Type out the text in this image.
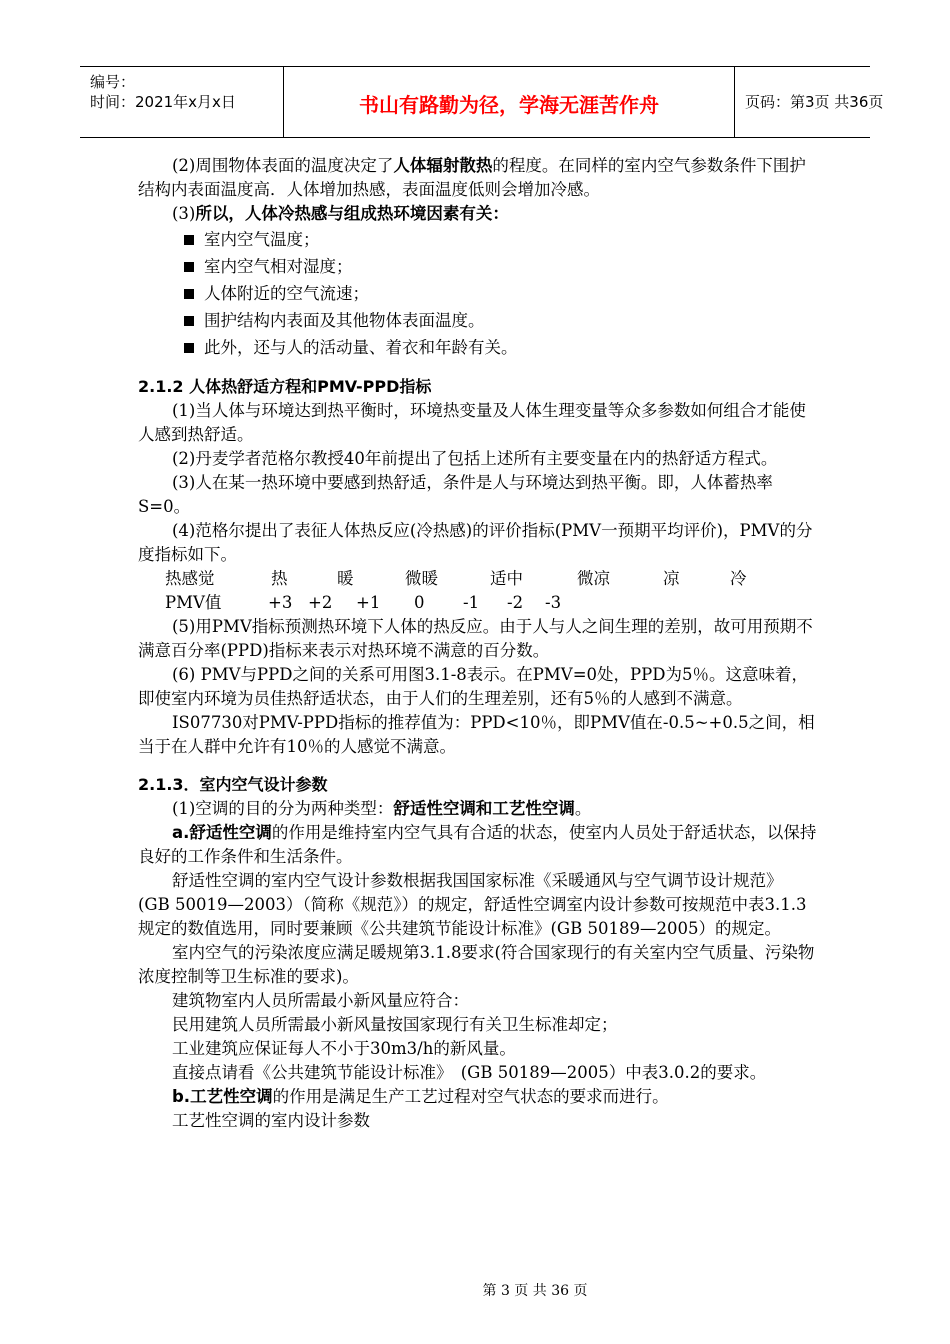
编号：
时间：2021年x月x日	书山有路勤为径，学海无涯苦作舟	页码：第3页 共36页

(2)周围物体表面的温度决定了人体辐射散热的程度。在同样的室内空气参数条件下围护结构内表面温度高．人体增加热感，表面温度低则会增加冷感。

(3)所以，人体冷热感与组成热环境因素有关：

室内空气温度；
室内空气相对湿度；
人体附近的空气流速；
围护结构内表面及其他物体表面温度。
此外，还与人的活动量、着衣和年龄有关。
2.1.2 人体热舒适方程和PMV-PPD指标

(1)当人体与环境达到热平衡时，环境热变量及人体生理变量等众多参数如何组合才能使人感到热舒适。

(2)丹麦学者范格尔教授40年前提出了包括上述所有主要变量在内的热舒适方程式。

(3)人在某一热环境中要感到热舒适，条件是人与环境达到热平衡。即，人体蓄热率S=0。

(4)范格尔提出了表征人体热反应(冷热感)的评价指标(PMV一预期平均评价)，PMV的分度指标如下。

热感觉	热	暖	微暖	适中	微凉	凉	冷
PMV值	+3 +2 +1 0 -1 -2 -3

(5)用PMV指标预测热环境下人体的热反应。由于人与人之间生理的差别，故可用预期不满意百分率(PPD)指标来表示对热环境不满意的百分数。

(6) PMV与PPD之间的关系可用图3.1-8表示。在PMV=0处，PPD为5％。这意味着，即使室内环境为员佳热舒适状态，由于人们的生理差别，还有5％的人感到不满意。

IS07730对PMV-PPD指标的推荐值为：PPD<10％，即PMV值在-0.5~+0.5之间，相当于在人群中允许有10％的人感觉不满意。

2.1.3．室内空气设计参数

(1)空调的目的分为两种类型：舒适性空调和工艺性空调。

a.舒适性空调的作用是维持室内空气具有合适的状态，使室内人员处于舒适状态，以保持良好的工作条件和生活条件。

舒适性空调的室内空气设计参数根据我国国家标准《采暖通风与空气调节设计规范》　(GB 50019—2003）（简称《规范》）的规定，舒适性空调室内设计参数可按规范中表3.1.3规定的数值选用，同时要兼顾《公共建筑节能设计标准》(GB 50189—2005）的规定。

室内空气的污染浓度应满足暖规第3.1.8要求(符合国家现行的有关室内空气质量、污染物浓度控制等卫生标准的要求)。

建筑物室内人员所需最小新风量应符合：

民用建筑人员所需最小新风量按国家现行有关卫生标准却定；

工业建筑应保证每人不小于30m3/h的新风量。

直接点请看《公共建筑节能设计标准》　(GB 50189—2005）中表3.0.2的要求。

b.工艺性空调的作用是满足生产工艺过程对空气状态的要求而进行。

工艺性空调的室内设计参数

第 3 页 共 36 页
